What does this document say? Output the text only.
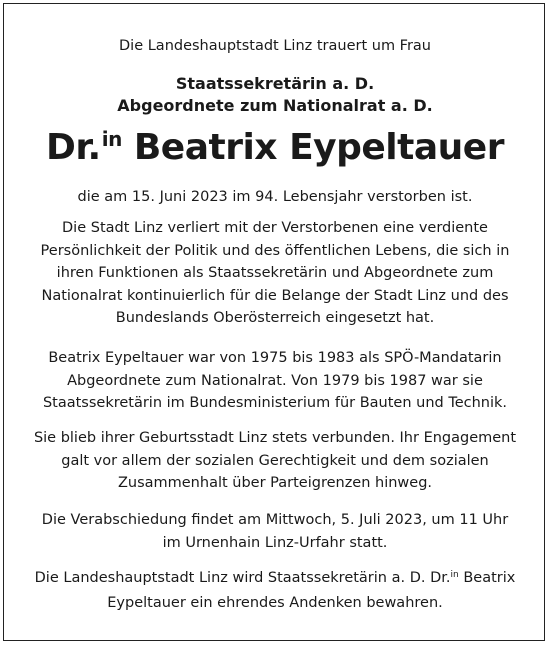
Die Landeshauptstadt Linz trauert um Frau
Staatssekretärin a. D.
Abgeordnete zum Nationalrat a. D.
Dr.$^{in}$ Beatrix Eypeltauer
die am 15. Juni 2023 im 94. Lebensjahr verstorben ist.
Die Stadt Linz verliert mit der Verstorbenen eine verdiente
Persönlichkeit der Politik und des öffentlichen Lebens, die sich in
ihren Funktionen als Staatssekretärin und Abgeordnete zum
Nationalrat kontinuierlich für die Belange der Stadt Linz und des
Bundeslands Oberösterreich eingesetzt hat.
Beatrix Eypeltauer war von 1975 bis 1983 als SPÖ-Mandatarin
Abgeordnete zum Nationalrat. Von 1979 bis 1987 war sie
Staatssekretärin im Bundesministerium für Bauten und Technik.
Sie blieb ihrer Geburtsstadt Linz stets verbunden. Ihr Engagement
galt vor allem der sozialen Gerechtigkeit und dem sozialen
Zusammenhalt über Parteigrenzen hinweg.
Die Verabschiedung findet am Mittwoch, 5. Juli 2023, um 11 Uhr
im Urnenhain Linz-Urfahr statt.
Die Landeshauptstadt Linz wird Staatssekretärin a. D. Dr.$^{in}$ Beatrix
Eypeltauer ein ehrendes Andenken bewahren.
